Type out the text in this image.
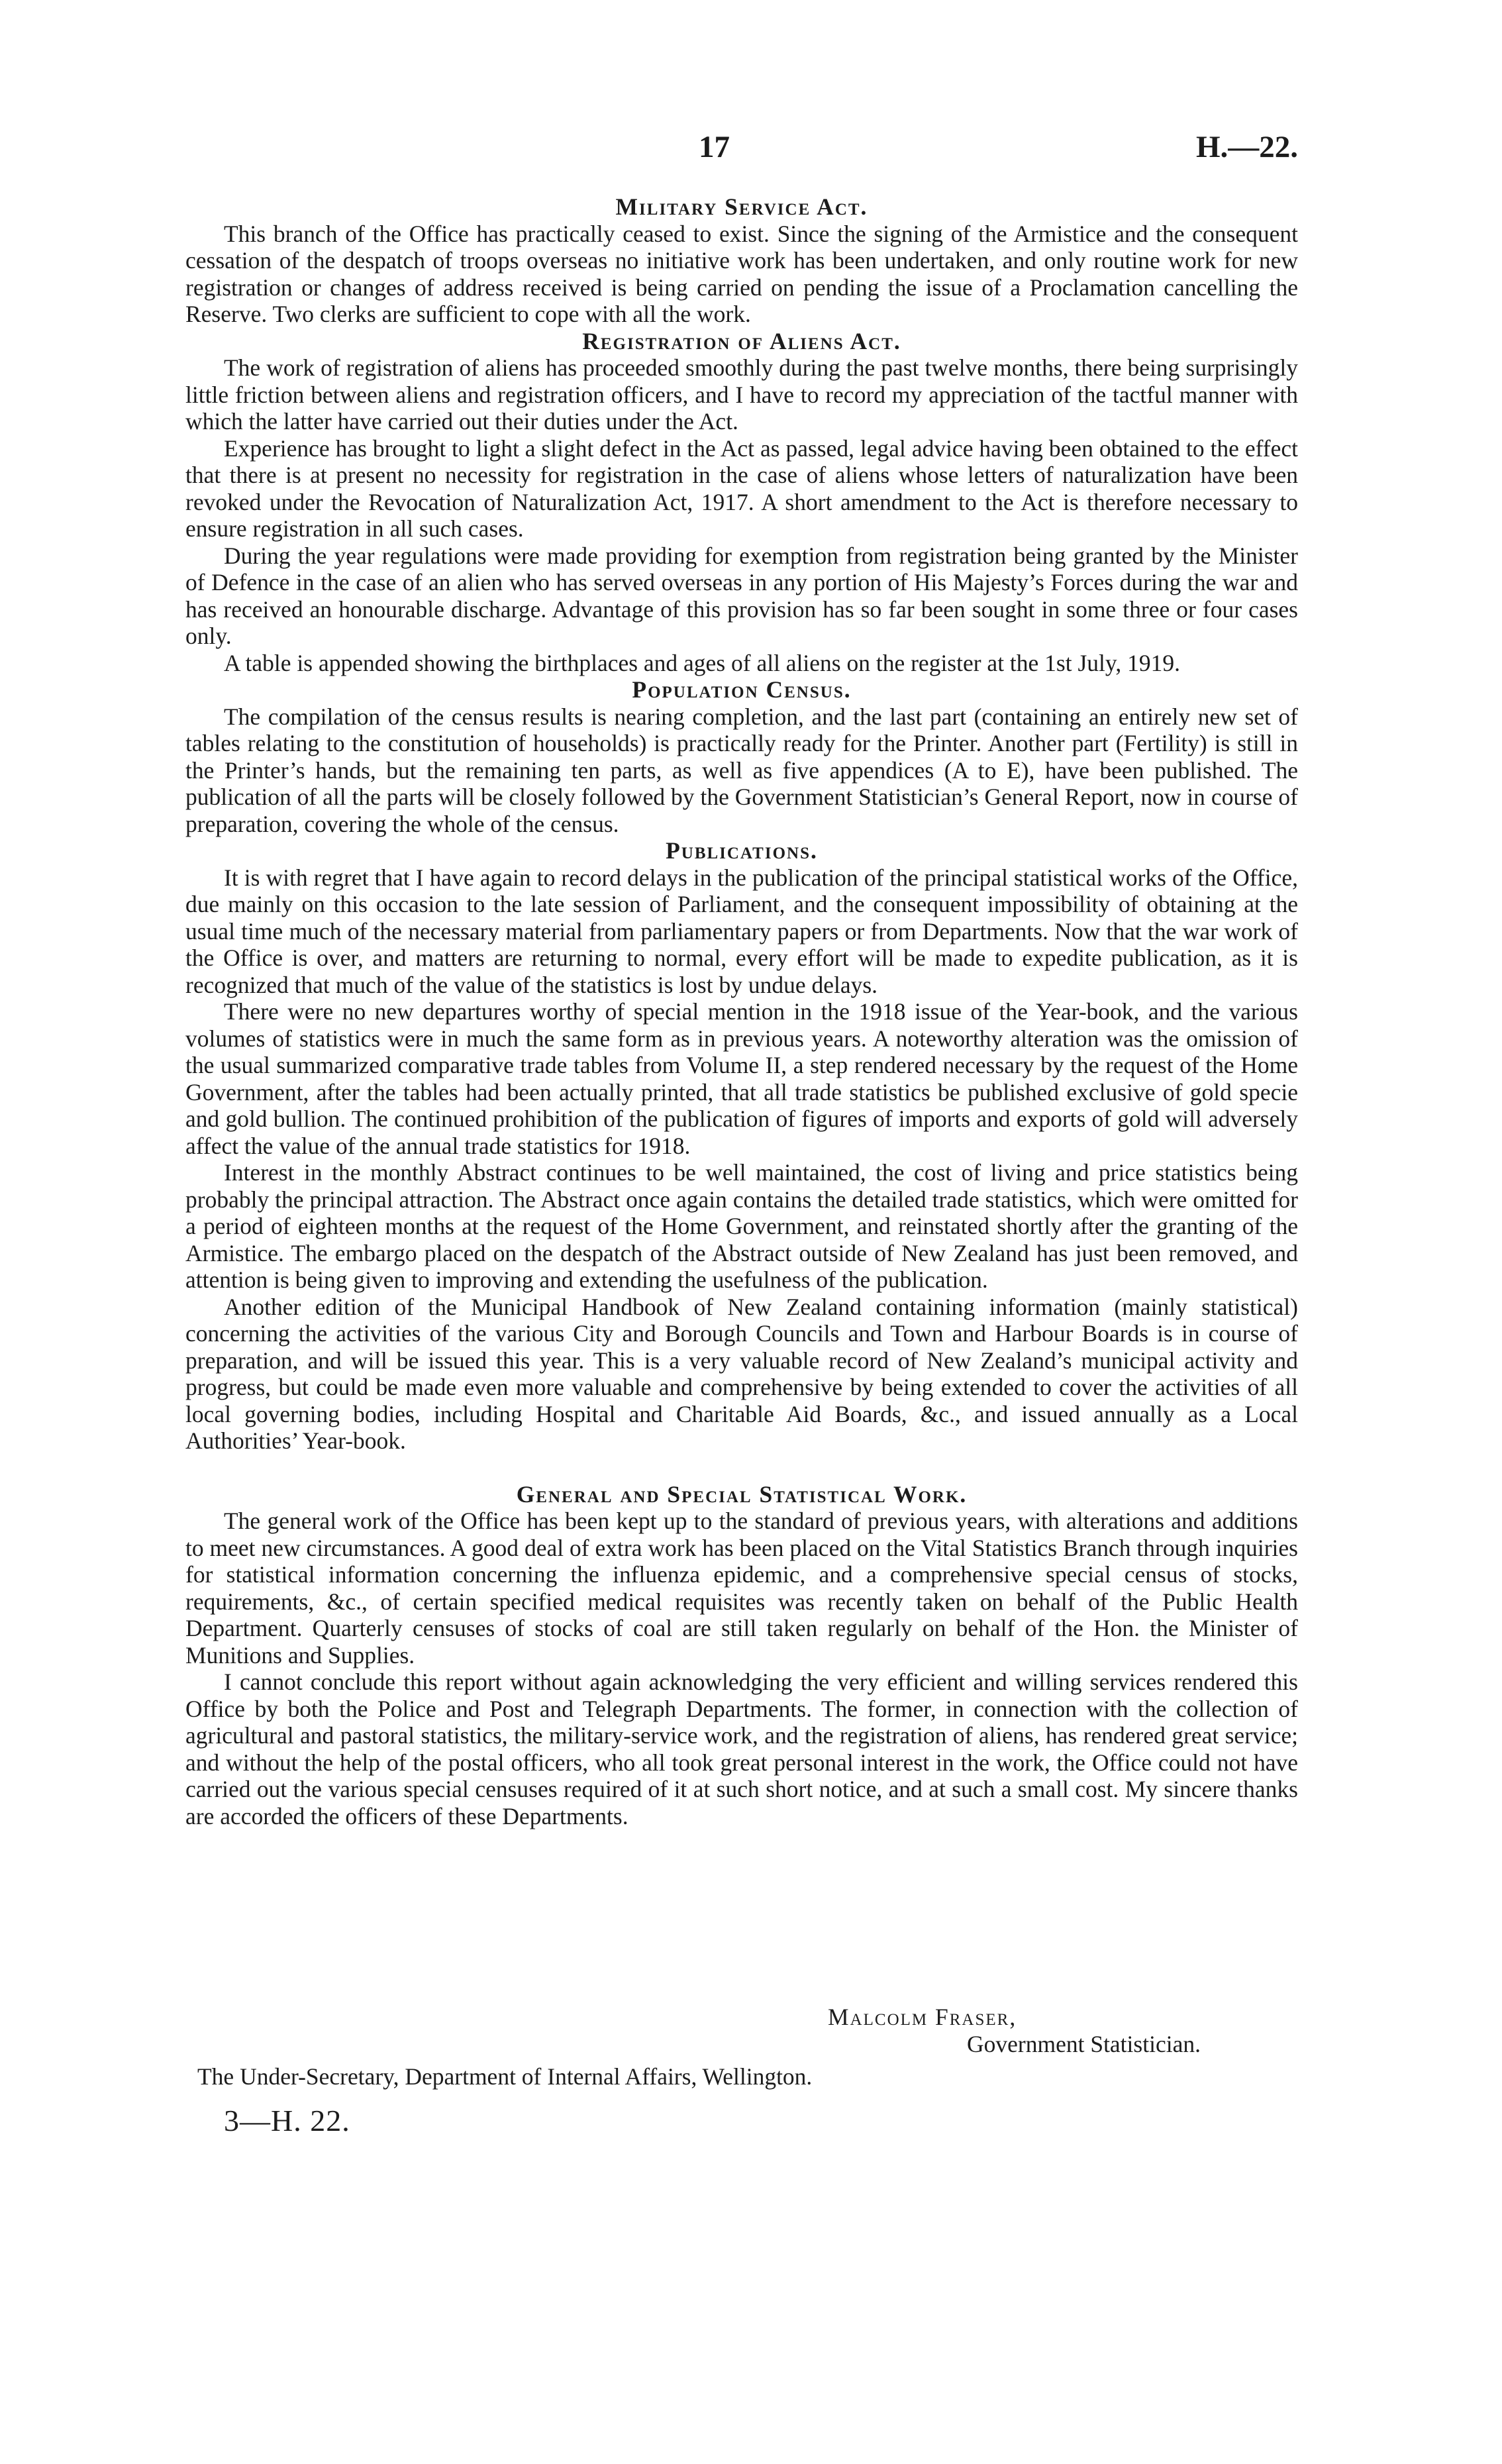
17	H.—22.
Military Service Act.

This branch of the Office has practically ceased to exist. Since the signing of the Armistice and the consequent cessation of the despatch of troops overseas no initiative work has been undertaken, and only routine work for new registration or changes of address received is being carried on pending the issue of a Proclamation cancelling the Reserve. Two clerks are sufficient to cope with all the work.

Registration of Aliens Act.

The work of registration of aliens has proceeded smoothly during the past twelve months, there being surprisingly little friction between aliens and registration officers, and I have to record my appreciation of the tactful manner with which the latter have carried out their duties under the Act.

Experience has brought to light a slight defect in the Act as passed, legal advice having been obtained to the effect that there is at present no necessity for registration in the case of aliens whose letters of naturalization have been revoked under the Revocation of Naturalization Act, 1917. A short amendment to the Act is therefore necessary to ensure registration in all such cases.

During the year regulations were made providing for exemption from registration being granted by the Minister of Defence in the case of an alien who has served overseas in any portion of His Majesty’s Forces during the war and has received an honourable discharge. Advantage of this provision has so far been sought in some three or four cases only.

A table is appended showing the birthplaces and ages of all aliens on the register at the 1st July, 1919.

Population Census.

The compilation of the census results is nearing completion, and the last part (containing an entirely new set of tables relating to the constitution of households) is practically ready for the Printer. Another part (Fertility) is still in the Printer’s hands, but the remaining ten parts, as well as five appendices (A to E), have been published. The publication of all the parts will be closely followed by the Government Statistician’s General Report, now in course of preparation, covering the whole of the census.

Publications.

It is with regret that I have again to record delays in the publication of the principal statistical works of the Office, due mainly on this occasion to the late session of Parliament, and the consequent impossibility of obtaining at the usual time much of the necessary material from parliamentary papers or from Departments. Now that the war work of the Office is over, and matters are returning to normal, every effort will be made to expedite publication, as it is recognized that much of the value of the statistics is lost by undue delays.

There were no new departures worthy of special mention in the 1918 issue of the Year-book, and the various volumes of statistics were in much the same form as in previous years. A noteworthy alteration was the omission of the usual summarized comparative trade tables from Volume II, a step rendered necessary by the request of the Home Government, after the tables had been actually printed, that all trade statistics be published exclusive of gold specie and gold bullion. The continued prohibition of the publication of figures of imports and exports of gold will adversely affect the value of the annual trade statistics for 1918.

Interest in the monthly Abstract continues to be well maintained, the cost of living and price statistics being probably the principal attraction. The Abstract once again contains the detailed trade statistics, which were omitted for a period of eighteen months at the request of the Home Government, and reinstated shortly after the granting of the Armistice. The embargo placed on the despatch of the Abstract outside of New Zealand has just been removed, and attention is being given to improving and extending the usefulness of the publication.

Another edition of the Municipal Handbook of New Zealand containing information (mainly statistical) concerning the activities of the various City and Borough Councils and Town and Harbour Boards is in course of preparation, and will be issued this year. This is a very valuable record of New Zealand’s municipal activity and progress, but could be made even more valuable and comprehensive by being extended to cover the activities of all local governing bodies, including Hospital and Charitable Aid Boards, &c., and issued annually as a Local Authorities’ Year-book.

General and Special Statistical Work.

The general work of the Office has been kept up to the standard of previous years, with alterations and additions to meet new circumstances. A good deal of extra work has been placed on the Vital Statistics Branch through inquiries for statistical information concerning the influenza epidemic, and a comprehensive special census of stocks, requirements, &c., of certain specified medical requisites was recently taken on behalf of the Public Health Department. Quarterly censuses of stocks of coal are still taken regularly on behalf of the Hon. the Minister of Munitions and Supplies.

I cannot conclude this report without again acknowledging the very efficient and willing services rendered this Office by both the Police and Post and Telegraph Departments. The former, in connection with the collection of agricultural and pastoral statistics, the military-service work, and the registration of aliens, has rendered great service; and without the help of the postal officers, who all took great personal interest in the work, the Office could not have carried out the various special censuses required of it at such short notice, and at such a small cost. My sincere thanks are accorded the officers of these Departments.

Malcolm Fraser,
Government Statistician.
The Under-Secretary, Department of Internal Affairs, Wellington.
3—H. 22.
